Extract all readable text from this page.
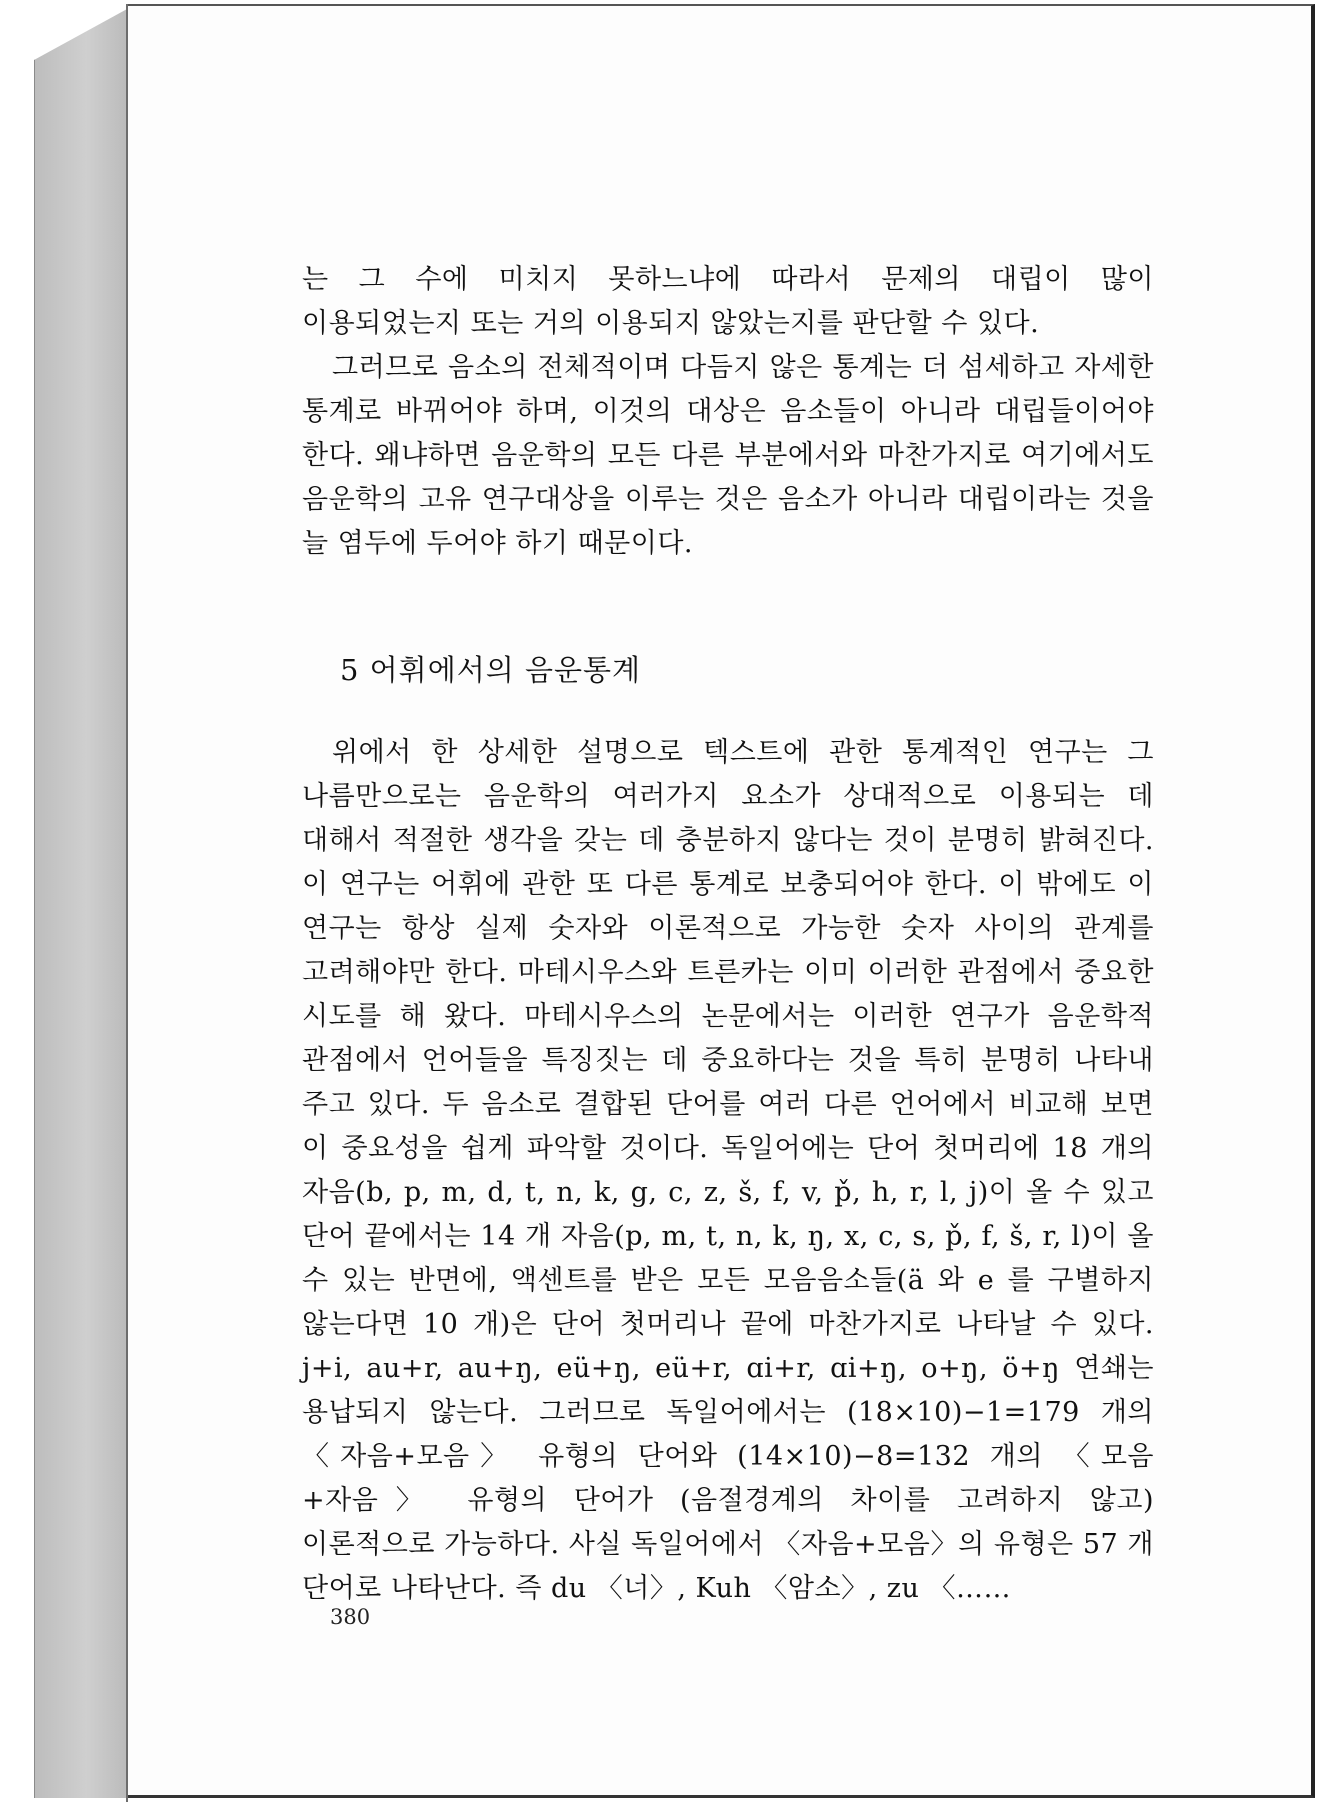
는 그 수에 미치지 못하느냐에 따라서 문제의 대립이 많이 이용되었는지 또는 거의 이용되지 않았는지를 판단할 수 있다.

그러므로 음소의 전체적이며 다듬지 않은 통계는 더 섬세하고 자세한 통계로 바뀌어야 하며, 이것의 대상은 음소들이 아니라 대립들이어야 한다. 왜냐하면 음운학의 모든 다른 부분에서와 마찬가지로 여기에서도 음운학의 고유 연구대상을 이루는 것은 음소가 아니라 대립이라는 것을 늘 염두에 두어야 하기 때문이다.

5 어휘에서의 음운통계

위에서 한 상세한 설명으로 텍스트에 관한 통계적인 연구는 그 나름만으로는 음운학의 여러가지 요소가 상대적으로 이용되는 데 대해서 적절한 생각을 갖는 데 충분하지 않다는 것이 분명히 밝혀진다. 이 연구는 어휘에 관한 또 다른 통계로 보충되어야 한다. 이 밖에도 이 연구는 항상 실제 숫자와 이론적으로 가능한 숫자 사이의 관계를 고려해야만 한다. 마테시우스와 트른카는 이미 이러한 관점에서 중요한 시도를 해 왔다. 마테시우스의 논문에서는 이러한 연구가 음운학적 관점에서 언어들을 특징짓는 데 중요하다는 것을 특히 분명히 나타내 주고 있다. 두 음소로 결합된 단어를 여러 다른 언어에서 비교해 보면 이 중요성을 쉽게 파악할 것이다. 독일어에는 단어 첫머리에 18 개의 자음(b, p, m, d, t, n, k, g, c, z, š, f, v, p̌, h, r, l, j)이 올 수 있고 단어 끝에서는 14 개 자음(p, m, t, n, k, ŋ, x, c, s, p̌, f, š, r, l)이 올 수 있는 반면에, 액센트를 받은 모든 모음음소들(ä 와 e 를 구별하지 않는다면 10 개)은 단어 첫머리나 끝에 마찬가지로 나타날 수 있다. j+i, au+r, au+ŋ, eü+ŋ, eü+r, ɑi+r, ɑi+ŋ, o+ŋ, ö+ŋ 연쇄는 용납되지 않는다. 그러므로 독일어에서는 (18×10)−1=179 개의 〈자음+모음〉 유형의 단어와 (14×10)−8=132 개의 〈모음+자음〉 유형의 단어가 (음절경계의 차이를 고려하지 않고) 이론적으로 가능하다. 사실 독일어에서 〈자음+모음〉의 유형은 57 개 단어로 나타난다. 즉 du 〈너〉, Kuh 〈암소〉, zu 〈……

380
